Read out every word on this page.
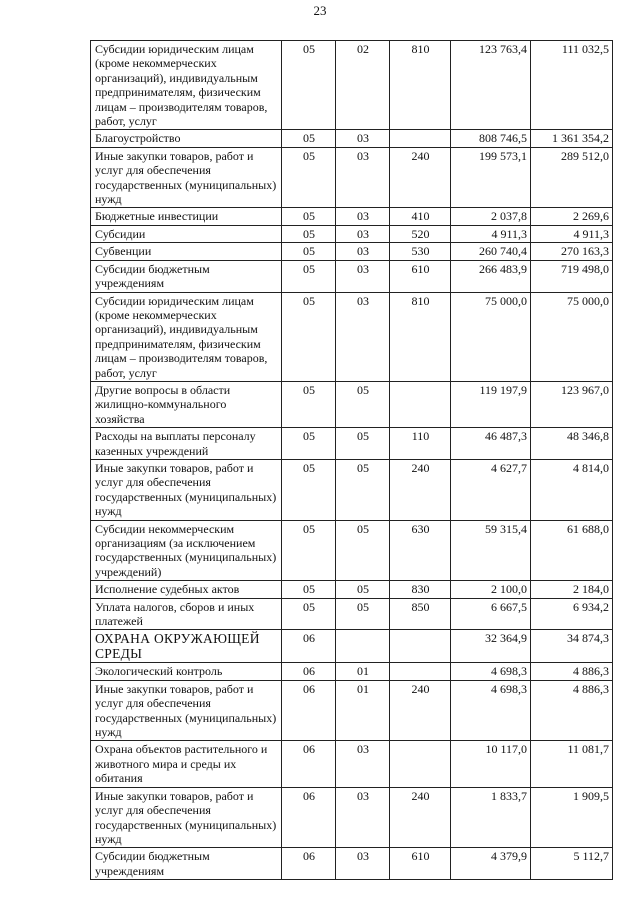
23
Субсидии юридическим лицам (кроме некоммерческих организаций), индивидуальным предпринимателям, физическим лицам – производителям товаров, работ, услуг	05	02	810	123 763,4	111 032,5
Благоустройство	05	03		808 746,5	1 361 354,2
Иные закупки товаров, работ и услуг для обеспечения государственных (муниципальных) нужд	05	03	240	199 573,1	289 512,0
Бюджетные инвестиции	05	03	410	2 037,8	2 269,6
Субсидии	05	03	520	4 911,3	4 911,3
Субвенции	05	03	530	260 740,4	270 163,3
Субсидии бюджетным учреждениям	05	03	610	266 483,9	719 498,0
Субсидии юридическим лицам (кроме некоммерческих организаций), индивидуальным предпринимателям, физическим лицам – производителям товаров, работ, услуг	05	03	810	75 000,0	75 000,0
Другие вопросы в области жилищно-коммунального хозяйства	05	05		119 197,9	123 967,0
Расходы на выплаты персоналу казенных учреждений	05	05	110	46 487,3	48 346,8
Иные закупки товаров, работ и услуг для обеспечения государственных (муниципальных) нужд	05	05	240	4 627,7	4 814,0
Субсидии некоммерческим организациям (за исключением государственных (муниципальных) учреждений)	05	05	630	59 315,4	61 688,0
Исполнение судебных актов	05	05	830	2 100,0	2 184,0
Уплата налогов, сборов и иных платежей	05	05	850	6 667,5	6 934,2
ОХРАНА ОКРУЖАЮЩЕЙ СРЕДЫ	06			32 364,9	34 874,3
Экологический контроль	06	01		4 698,3	4 886,3
Иные закупки товаров, работ и услуг для обеспечения государственных (муниципальных) нужд	06	01	240	4 698,3	4 886,3
Охрана объектов растительного и животного мира и среды их обитания	06	03		10 117,0	11 081,7
Иные закупки товаров, работ и услуг для обеспечения государственных (муниципальных) нужд	06	03	240	1 833,7	1 909,5
Субсидии бюджетным учреждениям	06	03	610	4 379,9	5 112,7
